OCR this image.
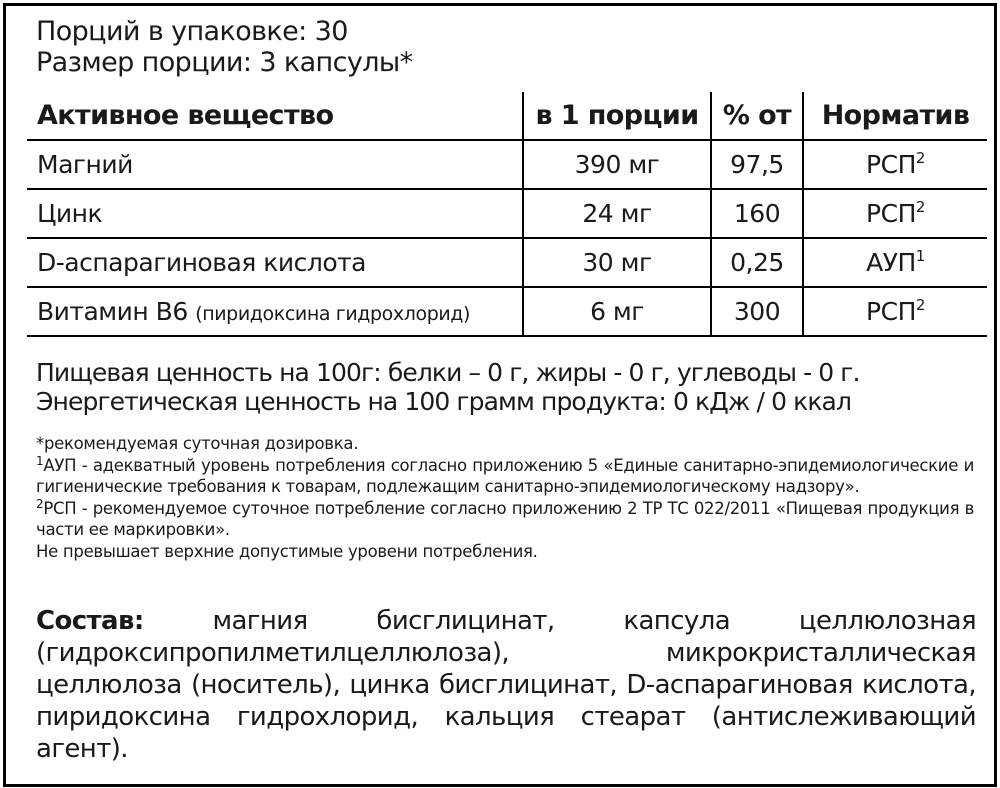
Порций в упаковке: 30
Размер порции: 3 капсулы*
Активное вещество	в 1 порции	% от	Норматив
Магний	390 мг	97,5	РСП$^2$
Цинк	24 мг	160	РСП$^2$
D-аспарагиновая кислота	30 мг	0,25	АУП$^1$
Витамин В6 (пиридоксина гидрохлорид)	6 мг	300	РСП$^2$
Пищевая ценность на 100г: белки – 0 г, жиры - 0 г, углеводы - 0 г.
Энергетическая ценность на 100 грамм продукта: 0 кДж / 0 ккал

*рекомендуемая суточная дозировка.

$^1$АУП - адекватный уровень потребления согласно приложению 5 «Единые санитарно-эпидемиологические и гигиенические требования к товарам, подлежащим санитарно-эпидемиологическому надзору».

$^2$РСП - рекомендуемое суточное потребление согласно приложению 2 ТР ТС 022/2011 «Пищевая продукция в части ее маркировки».

Не превышает верхние допустимые уровени потребления.

Состав:	магния бисглицинат, капсула целлюлозная (гидроксипропилметилцеллюлоза), микрокристаллическая целлюлоза (носитель), цинка бисглицинат, D-аспарагиновая кислота, пиридоксина гидрохлорид, кальция стеарат (антислеживающий агент).
